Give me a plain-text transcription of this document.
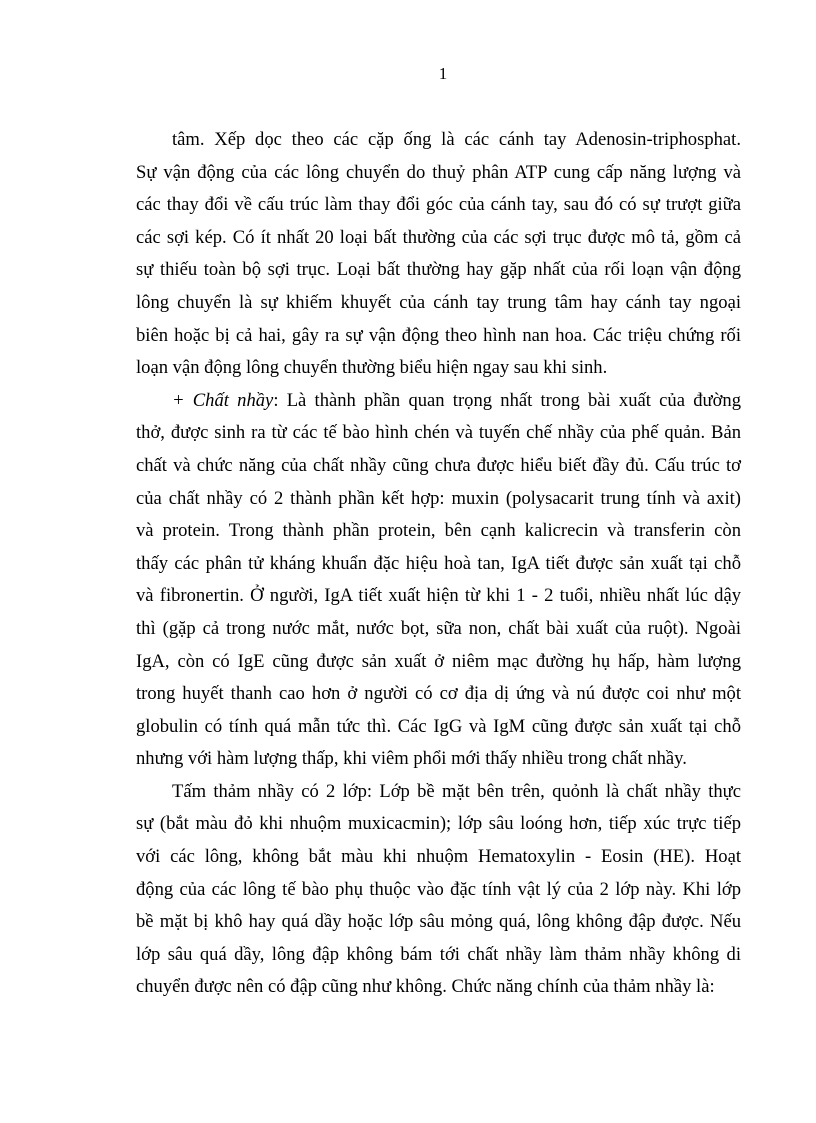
1
tâm. Xếp dọc theo các cặp ống là các cánh tay Adenosin-triphosphat.
Sự vận động của các lông chuyển do thuỷ phân ATP cung cấp năng lượng và
các thay đổi về cấu trúc làm thay đổi góc của cánh tay, sau đó có sự trượt giữa
các sợi kép. Có ít nhất 20 loại bất thường của các sợi trục được mô tả, gồm cả
sự thiếu toàn bộ sợi trục. Loại bất thường hay gặp nhất của rối loạn vận động
lông chuyển là sự khiếm khuyết của cánh tay trung tâm hay cánh tay ngoại
biên hoặc bị cả hai, gây ra sự vận động theo hình nan hoa. Các triệu chứng rối
loạn vận động lông chuyển thường biểu hiện ngay sau khi sinh.
+ Chất nhầy: Là thành phần quan trọng nhất trong bài xuất của đường
thở, được sinh ra từ các tế bào hình chén và tuyến chế nhầy của phế quản. Bản
chất và chức năng của chất nhầy cũng chưa được hiểu biết đầy đủ. Cấu trúc tơ
của chất nhầy có 2 thành phần kết hợp: muxin (polysacarit trung tính và axit)
và protein. Trong thành phần protein, bên cạnh kalicrecin và transferin còn
thấy các phân tử kháng khuẩn đặc hiệu hoà tan, IgA tiết được sản xuất tại chỗ
và fibronertin. Ở người, IgA tiết xuất hiện từ khi 1 - 2 tuổi, nhiều nhất lúc dậy
thì (gặp cả trong nước mắt, nước bọt, sữa non, chất bài xuất của ruột). Ngoài
IgA, còn có IgE cũng được sản xuất ở niêm mạc đường hụ hấp, hàm lượng
trong huyết thanh cao hơn ở người có cơ địa dị ứng và nú được coi như một
globulin có tính quá mẫn tức thì. Các IgG và IgM cũng được sản xuất tại chỗ
nhưng với hàm lượng thấp, khi viêm phổi mới thấy nhiều trong chất nhầy.
Tấm thảm nhầy có 2 lớp: Lớp bề mặt bên trên, quỏnh là chất nhầy thực
sự (bắt màu đỏ khi nhuộm muxicacmin); lớp sâu loóng hơn, tiếp xúc trực tiếp
với các lông, không bắt màu khi nhuộm Hematoxylin - Eosin (HE). Hoạt
động của các lông tế bào phụ thuộc vào đặc tính vật lý của 2 lớp này. Khi lớp
bề mặt bị khô hay quá dầy hoặc lớp sâu mỏng quá, lông không đập được. Nếu
lớp sâu quá dầy, lông đập không bám tới chất nhầy làm thảm nhầy không di
chuyển được nên có đập cũng như không. Chức năng chính của thảm nhầy là:
